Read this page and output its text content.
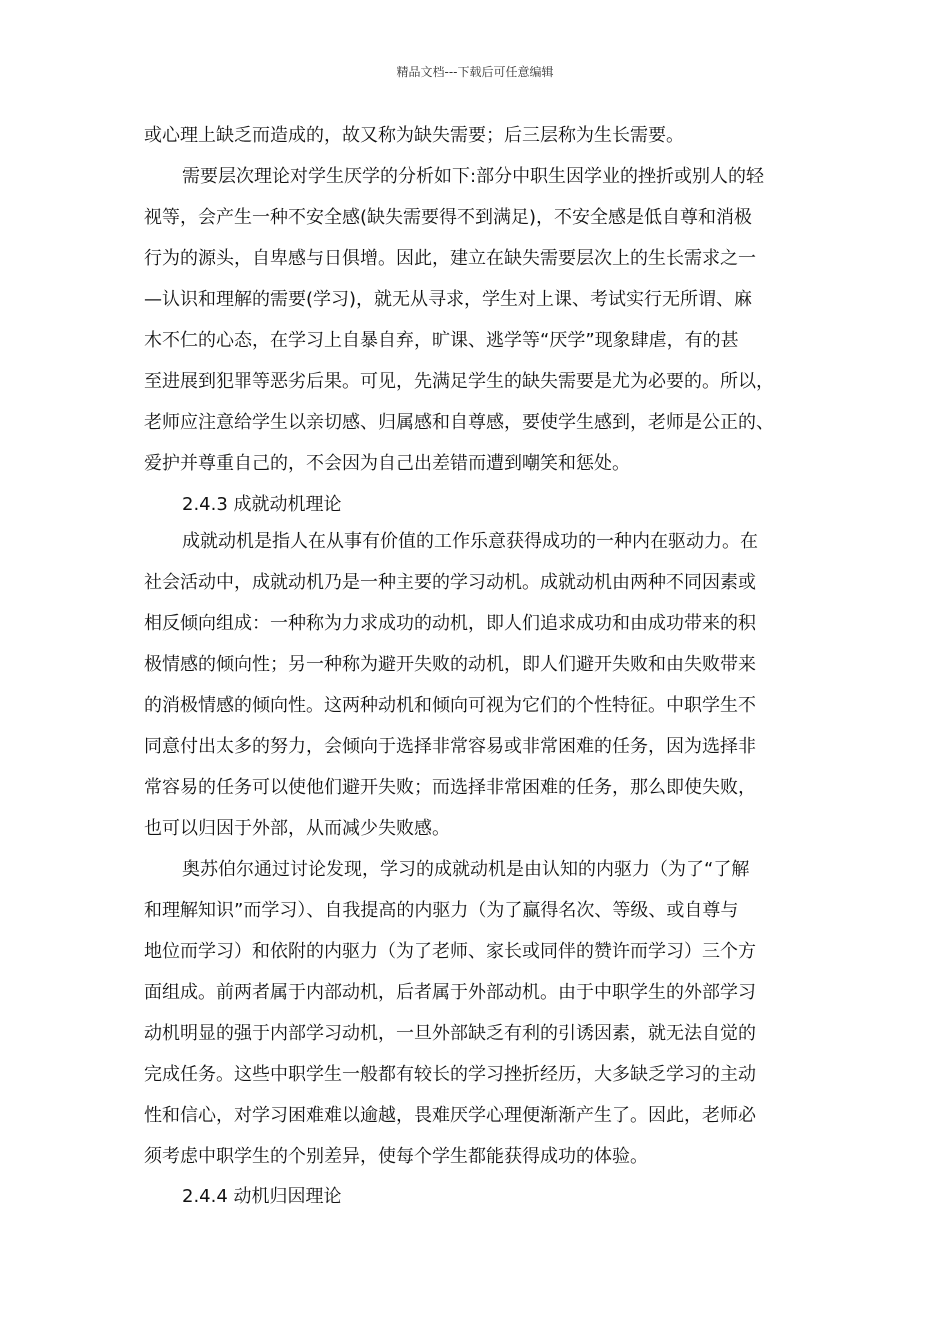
精品文档---下载后可任意编辑
或心理上缺乏而造成的，故又称为缺失需要；后三层称为生长需要。
需要层次理论对学生厌学的分析如下:部分中职生因学业的挫折或别人的轻
视等，会产生一种不安全感(缺失需要得不到满足)，不安全感是低自尊和消极
行为的源头，自卑感与日俱增。因此，建立在缺失需要层次上的生长需求之一
—认识和理解的需要(学习)，就无从寻求，学生对上课、考试实行无所谓、麻
木不仁的心态，在学习上自暴自弃，旷课、逃学等“厌学”现象肆虐，有的甚
至进展到犯罪等恶劣后果。可见，先满足学生的缺失需要是尤为必要的。所以，
老师应注意给学生以亲切感、归属感和自尊感，要使学生感到，老师是公正的、
爱护并尊重自己的，不会因为自己出差错而遭到嘲笑和惩处。
2.4.3 成就动机理论
成就动机是指人在从事有价值的工作乐意获得成功的一种内在驱动力。在
社会活动中，成就动机乃是一种主要的学习动机。成就动机由两种不同因素或
相反倾向组成：一种称为力求成功的动机，即人们追求成功和由成功带来的积
极情感的倾向性；另一种称为避开失败的动机，即人们避开失败和由失败带来
的消极情感的倾向性。这两种动机和倾向可视为它们的个性特征。中职学生不
同意付出太多的努力，会倾向于选择非常容易或非常困难的任务，因为选择非
常容易的任务可以使他们避开失败；而选择非常困难的任务，那么即使失败，
也可以归因于外部，从而减少失败感。
奥苏伯尔通过讨论发现，学习的成就动机是由认知的内驱力（为了“了解
和理解知识”而学习）、自我提高的内驱力（为了赢得名次、等级、或自尊与
地位而学习）和依附的内驱力（为了老师、家长或同伴的赞许而学习）三个方
面组成。前两者属于内部动机，后者属于外部动机。由于中职学生的外部学习
动机明显的强于内部学习动机，一旦外部缺乏有利的引诱因素，就无法自觉的
完成任务。这些中职学生一般都有较长的学习挫折经历，大多缺乏学习的主动
性和信心，对学习困难难以逾越，畏难厌学心理便渐渐产生了。因此，老师必
须考虑中职学生的个别差异，使每个学生都能获得成功的体验。
2.4.4 动机归因理论
